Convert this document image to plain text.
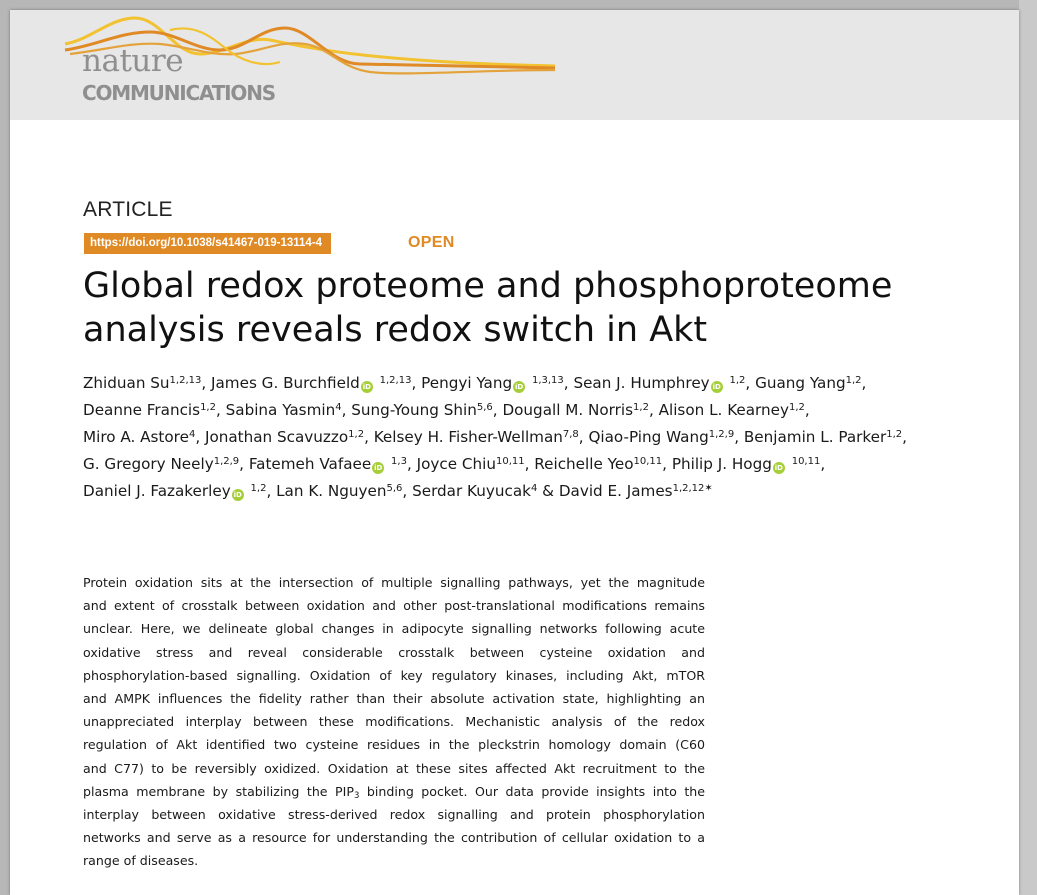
nature
COMMUNICATIONS
ARTICLE
https://doi.org/10.1038/s41467-019-13114-4	OPEN
Global redox proteome and phosphoproteome
analysis reveals redox switch in Akt
Zhiduan Su$^{1,2,13}$, James G. Burchfield iD $^{1,2,13}$, Pengyi Yang iD $^{1,3,13}$, Sean J. Humphrey iD $^{1,2}$, Guang Yang$^{1,2}$,
Deanne Francis$^{1,2}$, Sabina Yasmin$^4$, Sung-Young Shin$^{5,6}$, Dougall M. Norris$^{1,2}$, Alison L. Kearney$^{1,2}$,
Miro A. Astore$^4$, Jonathan Scavuzzo$^{1,2}$, Kelsey H. Fisher-Wellman$^{7,8}$, Qiao-Ping Wang$^{1,2,9}$, Benjamin L. Parker$^{1,2}$,
G. Gregory Neely$^{1,2,9}$, Fatemeh Vafaee iD $^{1,3}$, Joyce Chiu$^{10,11}$, Reichelle Yeo$^{10,11}$, Philip J. Hogg iD $^{10,11}$,
Daniel J. Fazakerley iD $^{1,2}$, Lan K. Nguyen$^{5,6}$, Serdar Kuyucak$^4$ & David E. James$^{1,2,12✶}$
Protein oxidation sits at the intersection of multiple signalling pathways, yet the magnitude
and extent of crosstalk between oxidation and other post-translational modifications remains
unclear. Here, we delineate global changes in adipocyte signalling networks following acute
oxidative stress and reveal considerable crosstalk between cysteine oxidation and
phosphorylation-based signalling. Oxidation of key regulatory kinases, including Akt, mTOR
and AMPK influences the fidelity rather than their absolute activation state, highlighting an
unappreciated interplay between these modifications. Mechanistic analysis of the redox
regulation of Akt identified two cysteine residues in the pleckstrin homology domain (C60
and C77) to be reversibly oxidized. Oxidation at these sites affected Akt recruitment to the
plasma membrane by stabilizing the $PIP_3$ binding pocket. Our data provide insights into the
interplay between oxidative stress-derived redox signalling and protein phosphorylation
networks and serve as a resource for understanding the contribution of cellular oxidation to a
range of diseases.
